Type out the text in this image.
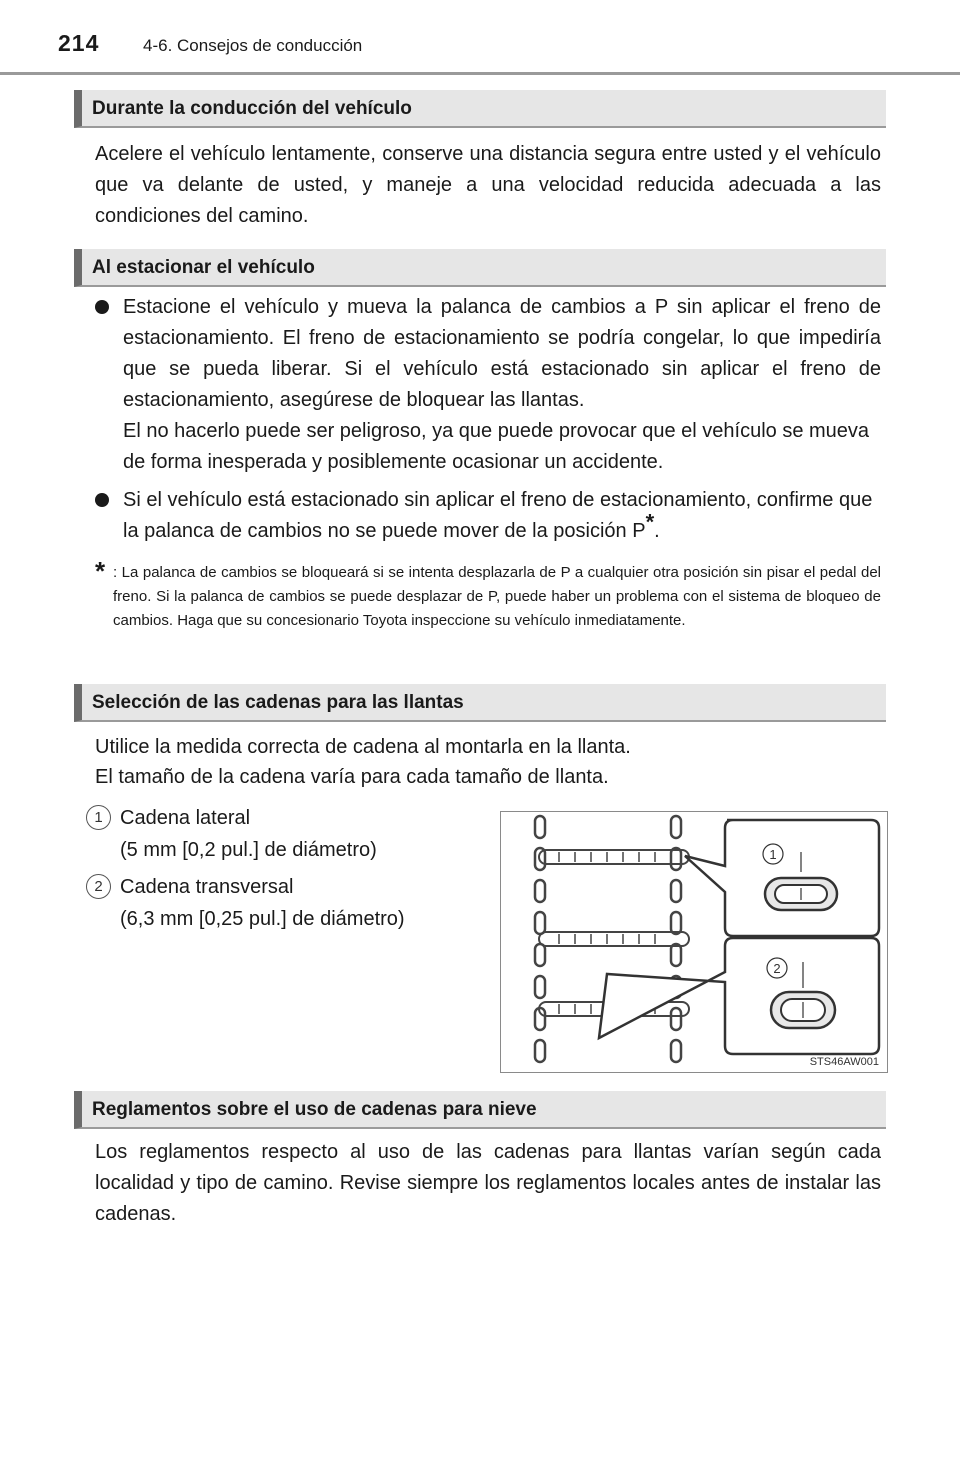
214	4-6. Consejos de conducción
Durante la conducción del vehículo

Acelere el vehículo lentamente, conserve una distancia segura entre usted y el vehículo que va delante de usted, y maneje a una velocidad reducida adecuada a las condiciones del camino.

Al estacionar el vehículo

Estacione el vehículo y mueva la palanca de cambios a P sin aplicar el freno de estacionamiento. El freno de estacionamiento se podría congelar, lo que impediría que se pueda liberar. Si el vehículo está estacionado sin aplicar el freno de estacionamiento, asegúrese de bloquear las llantas.

El no hacerlo puede ser peligroso, ya que puede provocar que el vehículo se mueva de forma inesperada y posiblemente ocasionar un accidente.

Si el vehículo está estacionado sin aplicar el freno de estacionamiento, confirme que la palanca de cambios no se puede mover de la posición P*.

* : La palanca de cambios se bloqueará si se intenta desplazarla de P a cualquier otra posición sin pisar el pedal del freno. Si la palanca de cambios se puede desplazar de P, puede haber un problema con el sistema de bloqueo de cambios. Haga que su concesionario Toyota inspeccione su vehículo inmediatamente.

Selección de las cadenas para las llantas
Utilice la medida correcta de cadena al montarla en la llanta.
El tamaño de la cadena varía para cada tamaño de llanta.
1 Cadena lateral
(5 mm [0,2 pul.] de diámetro)
2 Cadena transversal
(6,3 mm [0,25 pul.] de diámetro)
1
2
STS46AW001
Reglamentos sobre el uso de cadenas para nieve

Los reglamentos respecto al uso de las cadenas para llantas varían según cada localidad y tipo de camino. Revise siempre los reglamentos locales antes de instalar las cadenas.
